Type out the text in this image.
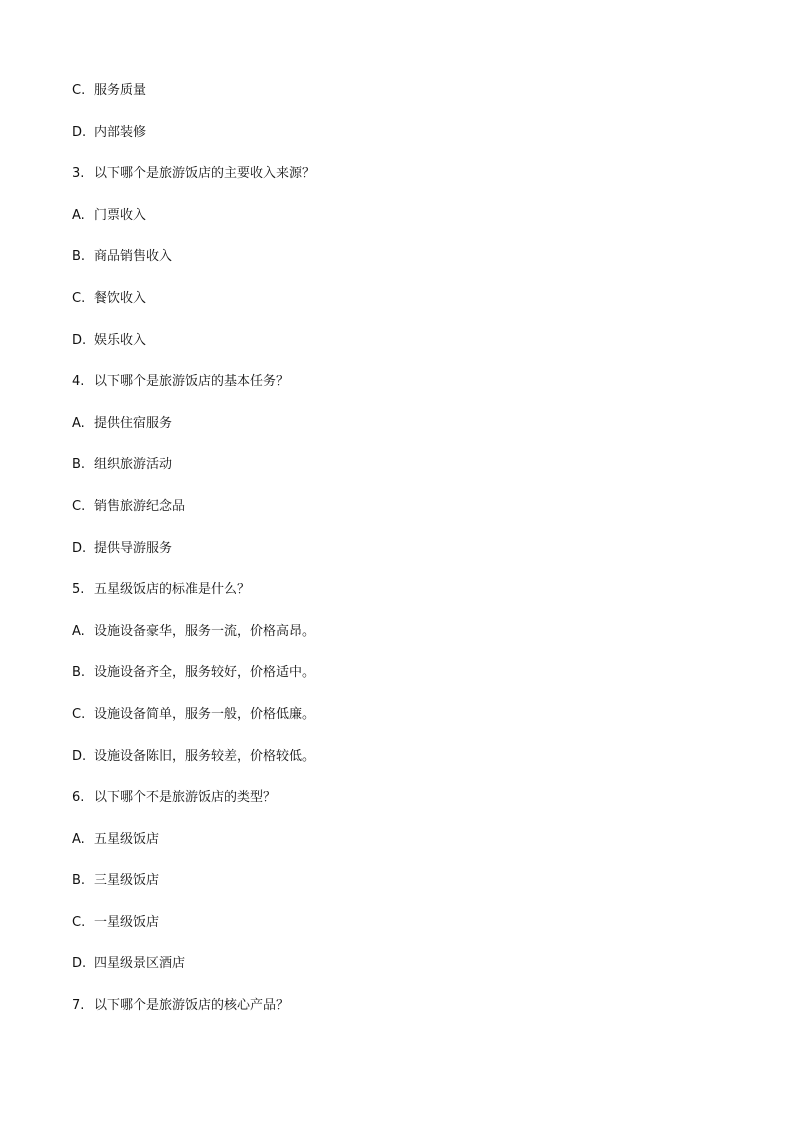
C. 服务质量
D. 内部装修
3. 以下哪个是旅游饭店的主要收入来源？
A. 门票收入
B. 商品销售收入
C. 餐饮收入
D. 娱乐收入
4. 以下哪个是旅游饭店的基本任务？
A. 提供住宿服务
B. 组织旅游活动
C. 销售旅游纪念品
D. 提供导游服务
5. 五星级饭店的标准是什么？
A. 设施设备豪华，服务一流，价格高昂。
B. 设施设备齐全，服务较好，价格适中。
C. 设施设备简单，服务一般，价格低廉。
D. 设施设备陈旧，服务较差，价格较低。
6. 以下哪个不是旅游饭店的类型？
A. 五星级饭店
B. 三星级饭店
C. 一星级饭店
D. 四星级景区酒店
7. 以下哪个是旅游饭店的核心产品？
